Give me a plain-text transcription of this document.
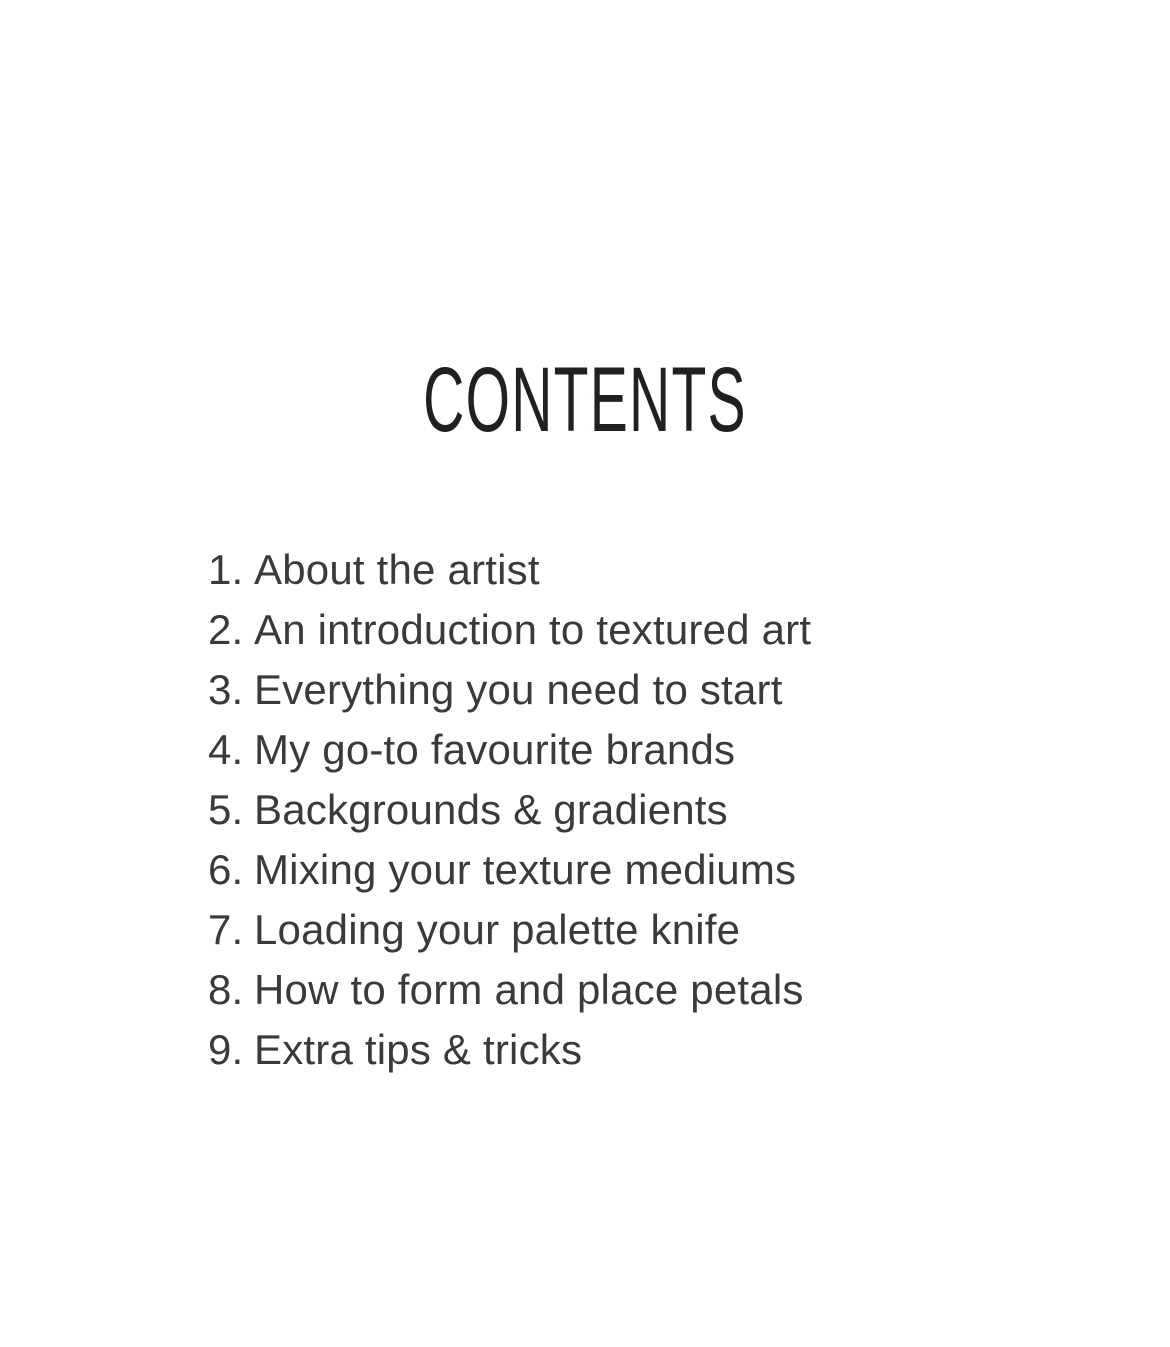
CONTENTS
1. About the artist
2. An introduction to textured art
3. Everything you need to start
4. My go-to favourite brands
5. Backgrounds & gradients
6. Mixing your texture mediums
7. Loading your palette knife
8. How to form and place petals
9. Extra tips & tricks
